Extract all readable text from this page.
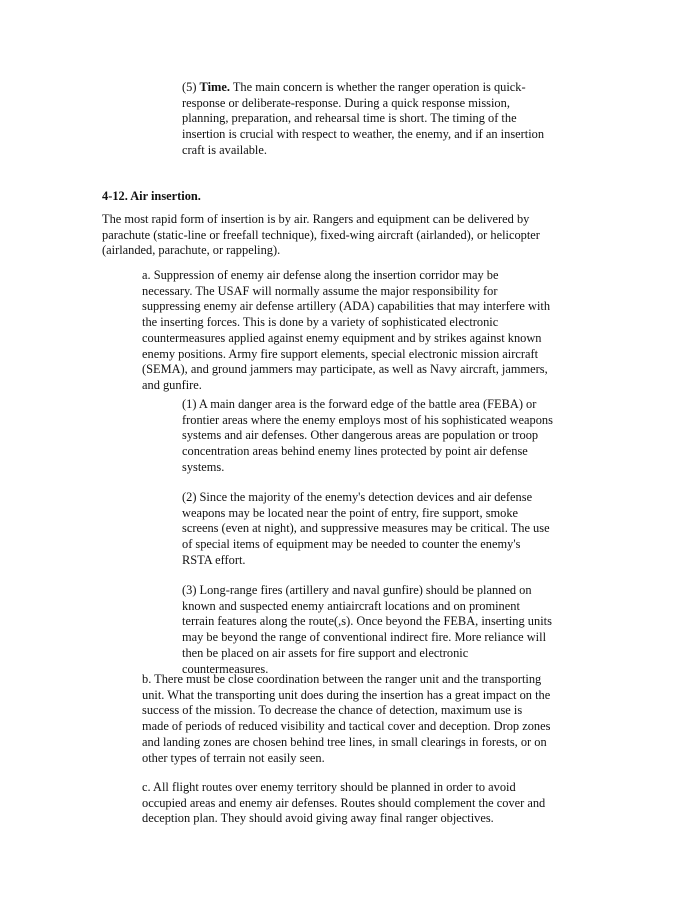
(5) Time. The main concern is whether the ranger operation is quick-
response or deliberate-response. During a quick response mission,
planning, preparation, and rehearsal time is short. The timing of the
insertion is crucial with respect to weather, the enemy, and if an insertion
craft is available.
4-12. Air insertion.
The most rapid form of insertion is by air. Rangers and equipment can be delivered by
parachute (static-line or freefall technique), fixed-wing aircraft (airlanded), or helicopter
(airlanded, parachute, or rappeling).
a. Suppression of enemy air defense along the insertion corridor may be
necessary. The USAF will normally assume the major responsibility for
suppressing enemy air defense artillery (ADA) capabilities that may interfere with
the inserting forces. This is done by a variety of sophisticated electronic
countermeasures applied against enemy equipment and by strikes against known
enemy positions. Army fire support elements, special electronic mission aircraft
(SEMA), and ground jammers may participate, as well as Navy aircraft, jammers,
and gunfire.
(1) A main danger area is the forward edge of the battle area (FEBA) or
frontier areas where the enemy employs most of his sophisticated weapons
systems and air defenses. Other dangerous areas are population or troop
concentration areas behind enemy lines protected by point air defense
systems.
(2) Since the majority of the enemy's detection devices and air defense
weapons may be located near the point of entry, fire support, smoke
screens (even at night), and suppressive measures may be critical. The use
of special items of equipment may be needed to counter the enemy's
RSTA effort.
(3) Long-range fires (artillery and naval gunfire) should be planned on
known and suspected enemy antiaircraft locations and on prominent
terrain features along the route(,s). Once beyond the FEBA, inserting units
may be beyond the range of conventional indirect fire. More reliance will
then be placed on air assets for fire support and electronic
countermeasures.
b. There must be close coordination between the ranger unit and the transporting
unit. What the transporting unit does during the insertion has a great impact on the
success of the mission. To decrease the chance of detection, maximum use is
made of periods of reduced visibility and tactical cover and deception. Drop zones
and landing zones are chosen behind tree lines, in small clearings in forests, or on
other types of terrain not easily seen.
c. All flight routes over enemy territory should be planned in order to avoid
occupied areas and enemy air defenses. Routes should complement the cover and
deception plan. They should avoid giving away final ranger objectives.
